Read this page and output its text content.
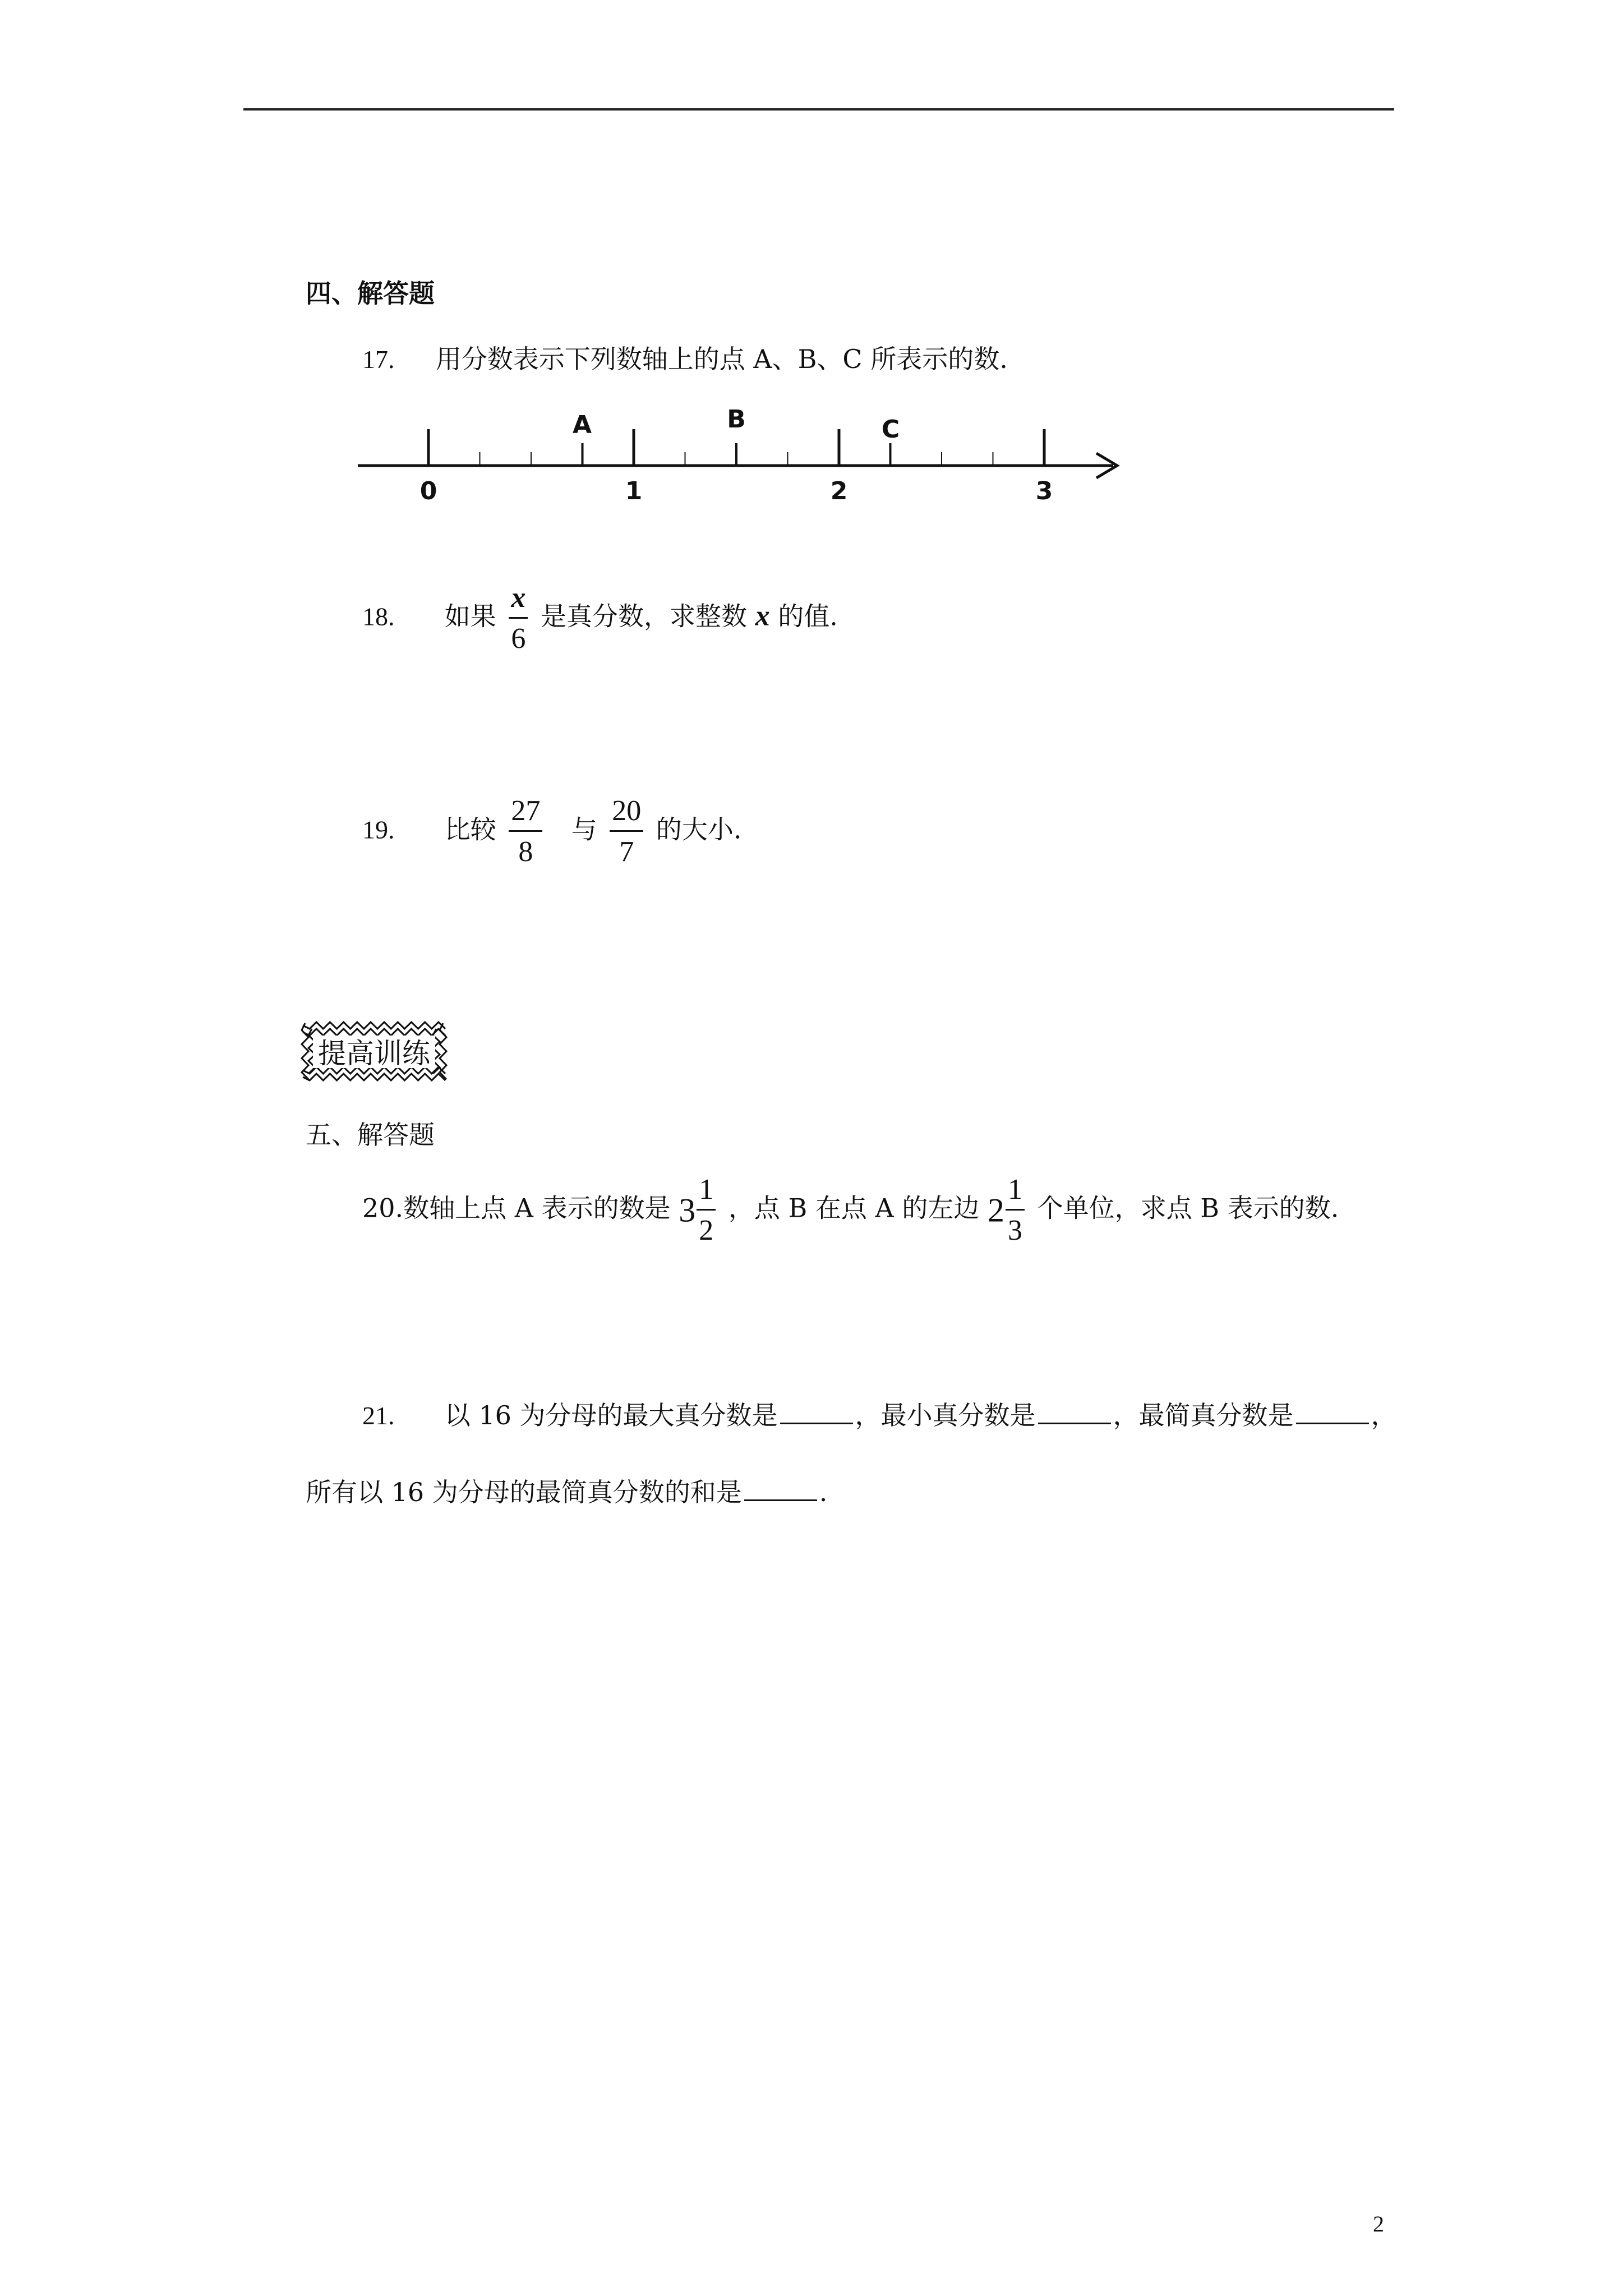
四、解答题
17. 用分数表示下列数轴上的点 A、B、C 所表示的数.
0	1	2	3
A	B	C
18. 如果 $\frac{x}{6}$ 是真分数，求整数 x 的值.
19. 比较 $\frac{27}{8}$ 与 $\frac{20}{7}$ 的大小.
提高训练
五、解答题
20.数轴上点 A 表示的数是 $3 \frac{1}{2}$ ，点 B 在点 A 的左边 $2 \frac{1}{3}$ 个单位，求点 B 表示的数.
21. 以 16 为分母的最大真分数是	，最小真分数是	，最简真分数是	，
所有以 16 为分母的最简真分数的和是	.
2
